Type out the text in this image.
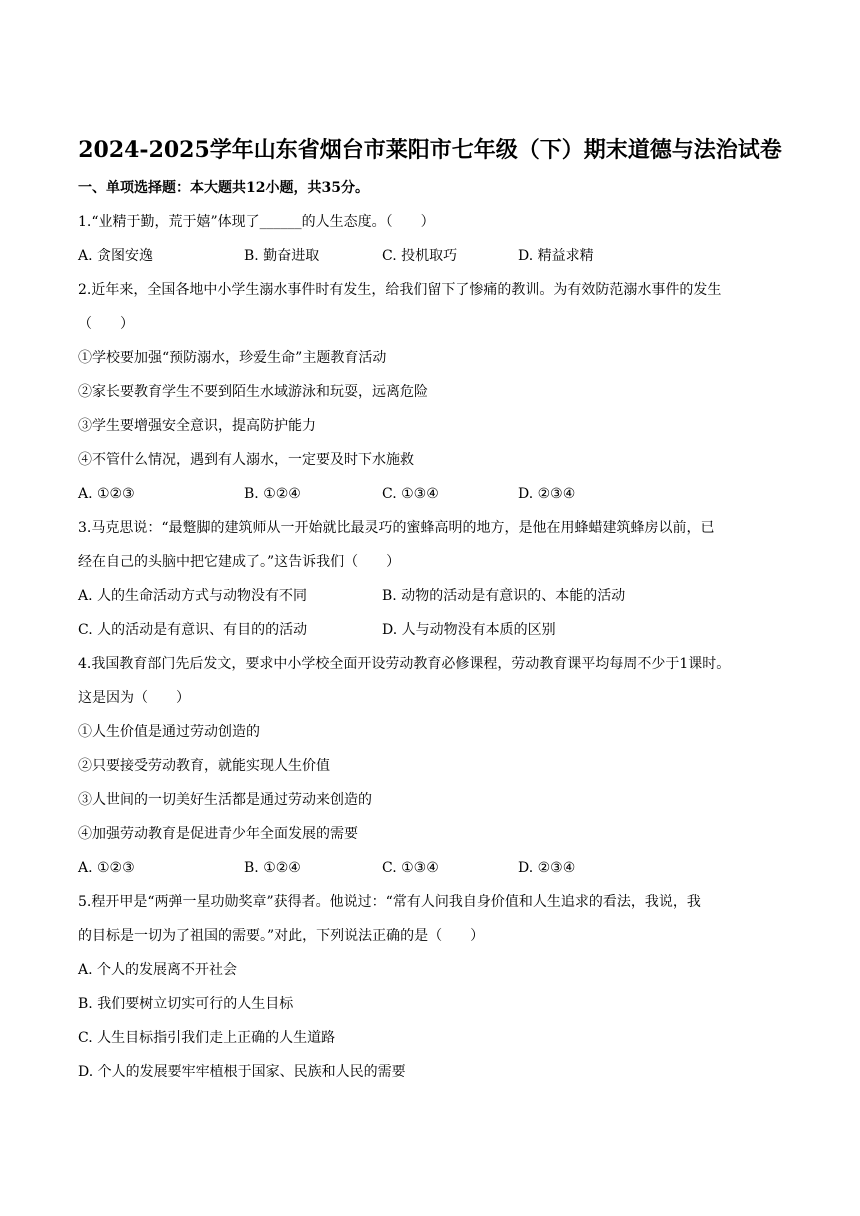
2024-2025学年山东省烟台市莱阳市七年级（下）期末道德与法治试卷
一、单项选择题：本大题共12小题，共35分。
1.“业精于勤，荒于嬉”体现了______的人生态度。（　　）
A. 贪图安逸	B. 勤奋进取	C. 投机取巧	D. 精益求精
2.近年来，全国各地中小学生溺水事件时有发生，给我们留下了惨痛的教训。为有效防范溺水事件的发生
（　　）
①学校要加强“预防溺水，珍爱生命”主题教育活动
②家长要教育学生不要到陌生水域游泳和玩耍，远离危险
③学生要增强安全意识，提高防护能力
④不管什么情况，遇到有人溺水，一定要及时下水施救
A. ①②③	B. ①②④	C. ①③④	D. ②③④
3.马克思说：“最蹩脚的建筑师从一开始就比最灵巧的蜜蜂高明的地方，是他在用蜂蜡建筑蜂房以前，已
经在自己的头脑中把它建成了。”这告诉我们（　　）
A. 人的生命活动方式与动物没有不同	B. 动物的活动是有意识的、本能的活动
C. 人的活动是有意识、有目的的活动	D. 人与动物没有本质的区别
4.我国教育部门先后发文，要求中小学校全面开设劳动教育必修课程，劳动教育课平均每周不少于1课时。
这是因为（　　）
①人生价值是通过劳动创造的
②只要接受劳动教育，就能实现人生价值
③人世间的一切美好生活都是通过劳动来创造的
④加强劳动教育是促进青少年全面发展的需要
A. ①②③	B. ①②④	C. ①③④	D. ②③④
5.程开甲是“两弹一星功勋奖章”获得者。他说过：“常有人问我自身价值和人生追求的看法，我说，我
的目标是一切为了祖国的需要。”对此，下列说法正确的是（　　）
A. 个人的发展离不开社会
B. 我们要树立切实可行的人生目标
C. 人生目标指引我们走上正确的人生道路
D. 个人的发展要牢牢植根于国家、民族和人民的需要
